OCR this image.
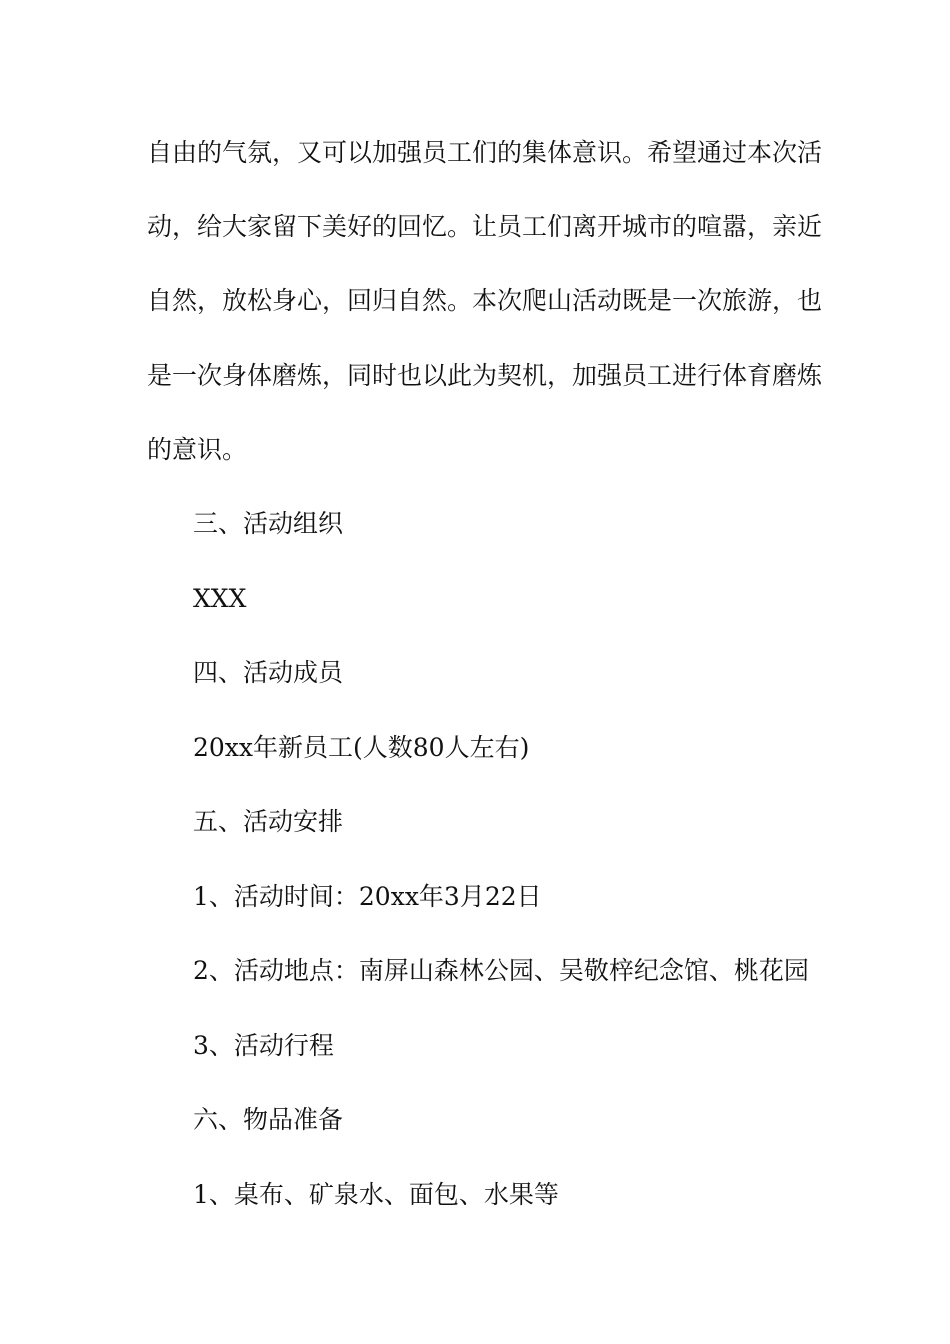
自由的气氛，又可以加强员工们的集体意识。希望通过本次活
动，给大家留下美好的回忆。让员工们离开城市的喧嚣，亲近
自然，放松身心，回归自然。本次爬山活动既是一次旅游，也
是一次身体磨炼，同时也以此为契机，加强员工进行体育磨炼
的意识。
三、活动组织
XXX
四、活动成员
20xx年新员工(人数80人左右)
五、活动安排
1、活动时间：20xx年3月22日
2、活动地点：南屏山森林公园、吴敬梓纪念馆、桃花园
3、活动行程
六、物品准备
1、桌布、矿泉水、面包、水果等
